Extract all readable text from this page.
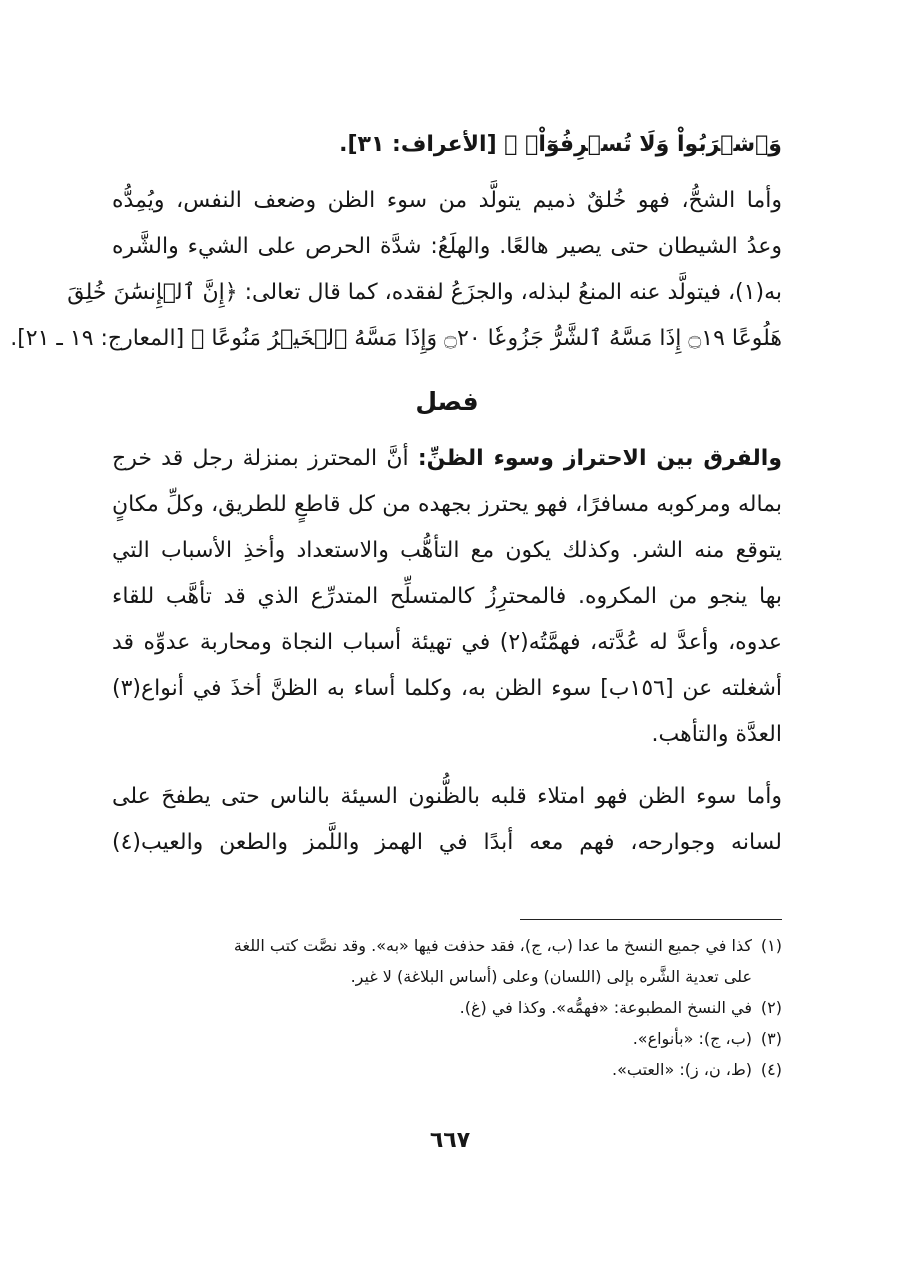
وَٱشۡرَبُواْ وَلَا تُسۡرِفُوٓاْۚ ﴾ [الأعراف: ٣١].
وأما الشحُّ، فهو خُلقٌ ذميم يتولَّد من سوء الظن وضعف النفس، ويُمِدُّه
وعدُ الشيطان حتى يصير هالعًا. والهلَعُ: شدَّة الحرص على الشيء والشَّره
به(١)، فيتولَّد عنه المنعُ لبذله، والجزَعُ لفقده، كما قال تعالى: ﴿إِنَّ ٱلۡإِنسَٰنَ خُلِقَ
هَلُوعًا ۝١٩ إِذَا مَسَّهُ ٱلشَّرُّ جَزُوعٗا ۝٢٠ وَإِذَا مَسَّهُ ٱلۡخَيۡرُ مَنُوعًا ﴾ [المعارج: ١٩ ـ ٢١].
فصل
والفرق بين الاحتراز وسوء الظنِّ: أنَّ المحترز بمنزلة رجل قد خرج
بماله ومركوبه مسافرًا، فهو يحترز بجهده من كل قاطعٍ للطريق، وكلِّ مكانٍ
يتوقع منه الشر. وكذلك يكون مع التأهُّب والاستعداد وأخذِ الأسباب التي
بها ينجو من المكروه. فالمحترِزُ كالمتسلِّح المتدرِّع الذي قد تأهَّب للقاء
عدوه، وأعدَّ له عُدَّته، فهمَّتُه(٢) في تهيئة أسباب النجاة ومحاربة عدوِّه قد
أشغلته عن [١٥٦ب] سوء الظن به، وكلما أساء به الظنَّ أخذَ في أنواع(٣)
العدَّة والتأهب.
وأما سوء الظن فهو امتلاء قلبه بالظُّنون السيئة بالناس حتى يطفحَ على
لسانه وجوارحه، فهم معه أبدًا في الهمز واللَّمز والطعن والعيب(٤)
(١)كذا في جميع النسخ ما عدا (ب، ج)، فقد حذفت فيها «به». وقد نصَّت كتب اللغة
على تعدية الشَّره بإلى (اللسان) وعلى (أساس البلاغة) لا غير.
(٢)في النسخ المطبوعة: «فهمُّه». وكذا في (غ).
(٣)(ب، ج): «بأنواع».
(٤)(ط، ن، ز): «العتب».
٦٦٧
